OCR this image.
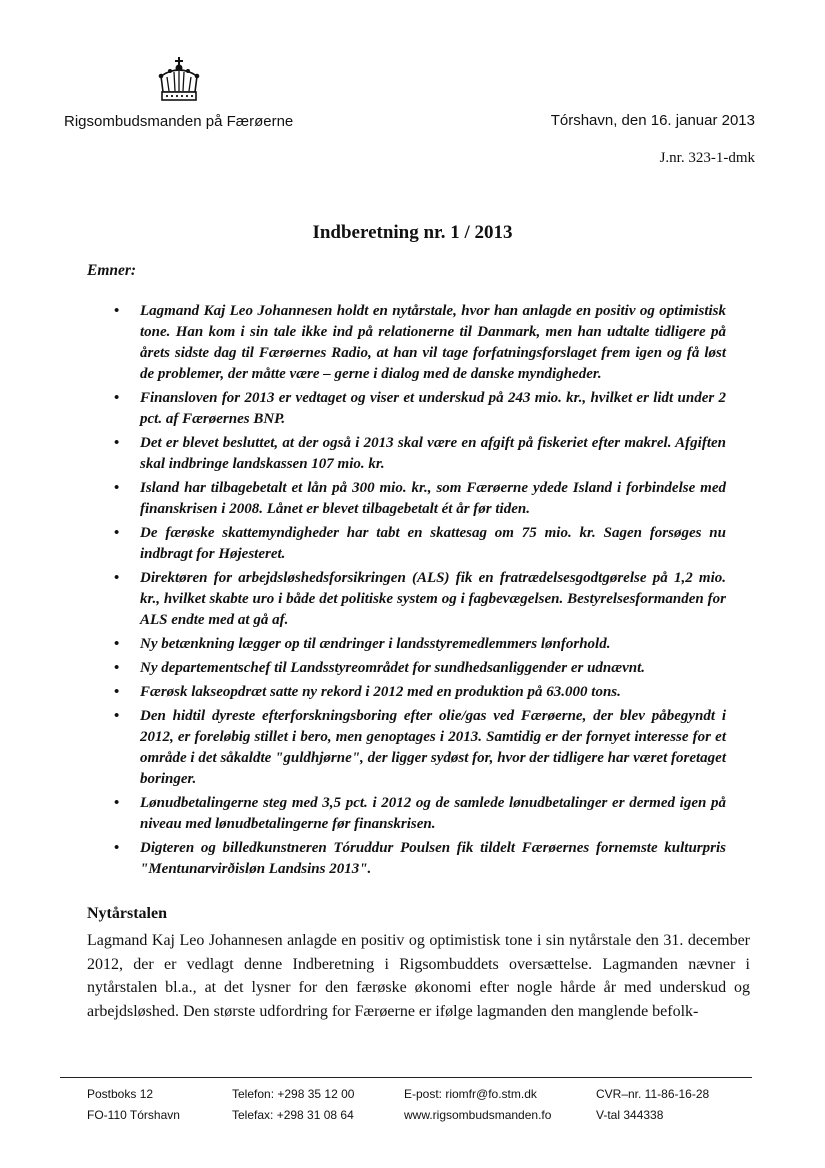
Rigsombudsmanden på Færøerne	Tórshavn, den 16. januar 2013
J.nr. 323-1-dmk
Indberetning nr. 1 / 2013
Emner:
• Lagmand Kaj Leo Johannesen holdt en nytårstale, hvor han anlagde en positiv og optimistisk tone. Han kom i sin tale ikke ind på relationerne til Danmark, men han udtalte tidligere på årets sidste dag til Færøernes Radio, at han vil tage forfatningsforslaget frem igen og få løst de problemer, der måtte være – gerne i dialog med de danske myndigheder.
• Finansloven for 2013 er vedtaget og viser et underskud på 243 mio. kr., hvilket er lidt under 2 pct. af Færøernes BNP.
• Det er blevet besluttet, at der også i 2013 skal være en afgift på fiskeriet efter makrel. Afgiften skal indbringe landskassen 107 mio. kr.
• Island har tilbagebetalt et lån på 300 mio. kr., som Færøerne ydede Island i forbindelse med finanskrisen i 2008. Lånet er blevet tilbagebetalt ét år før tiden.
• De færøske skattemyndigheder har tabt en skattesag om 75 mio. kr. Sagen forsøges nu indbragt for Højesteret.
• Direktøren for arbejdsløshedsforsikringen (ALS) fik en fratrædelsesgodtgørelse på 1,2 mio. kr., hvilket skabte uro i både det politiske system og i fagbevægelsen. Bestyrelsesformanden for ALS endte med at gå af.
• Ny betænkning lægger op til ændringer i landsstyremedlemmers lønforhold.
• Ny departementschef til Landsstyreområdet for sundhedsanliggender er udnævnt.
• Færøsk lakseopdræt satte ny rekord i 2012 med en produktion på 63.000 tons.
• Den hidtil dyreste efterforskningsboring efter olie/gas ved Færøerne, der blev påbegyndt i 2012, er foreløbig stillet i bero, men genoptages i 2013. Samtidig er der fornyet interesse for et område i det såkaldte "guldhjørne", der ligger sydøst for, hvor der tidligere har været foretaget boringer.
• Lønudbetalingerne steg med 3,5 pct. i 2012 og de samlede lønudbetalinger er dermed igen på niveau med lønudbetalingerne før finanskrisen.
• Digteren og billedkunstneren Tóruddur Poulsen fik tildelt Færøernes fornemste kulturpris "Mentunarvirðisløn Landsins 2013".
Nytårstalen

Lagmand Kaj Leo Johannesen anlagde en positiv og optimistisk tone i sin nytårstale den 31. december 2012, der er vedlagt denne Indberetning i Rigsombuddets oversættelse. Lagmanden nævner i nytårstalen bl.a., at det lysner for den færøske økonomi efter nogle hårde år med underskud og arbejdsløshed. Den største udfordring for Færøerne er ifølge lagmanden den manglende befolk-

Postboks 12
FO-110 Tórshavn
Telefon: +298 35 12 00
Telefax: +298 31 08 64
E-post: riomfr@fo.stm.dk
www.rigsombudsmanden.fo
CVR–nr. 11-86-16-28
V-tal 344338
